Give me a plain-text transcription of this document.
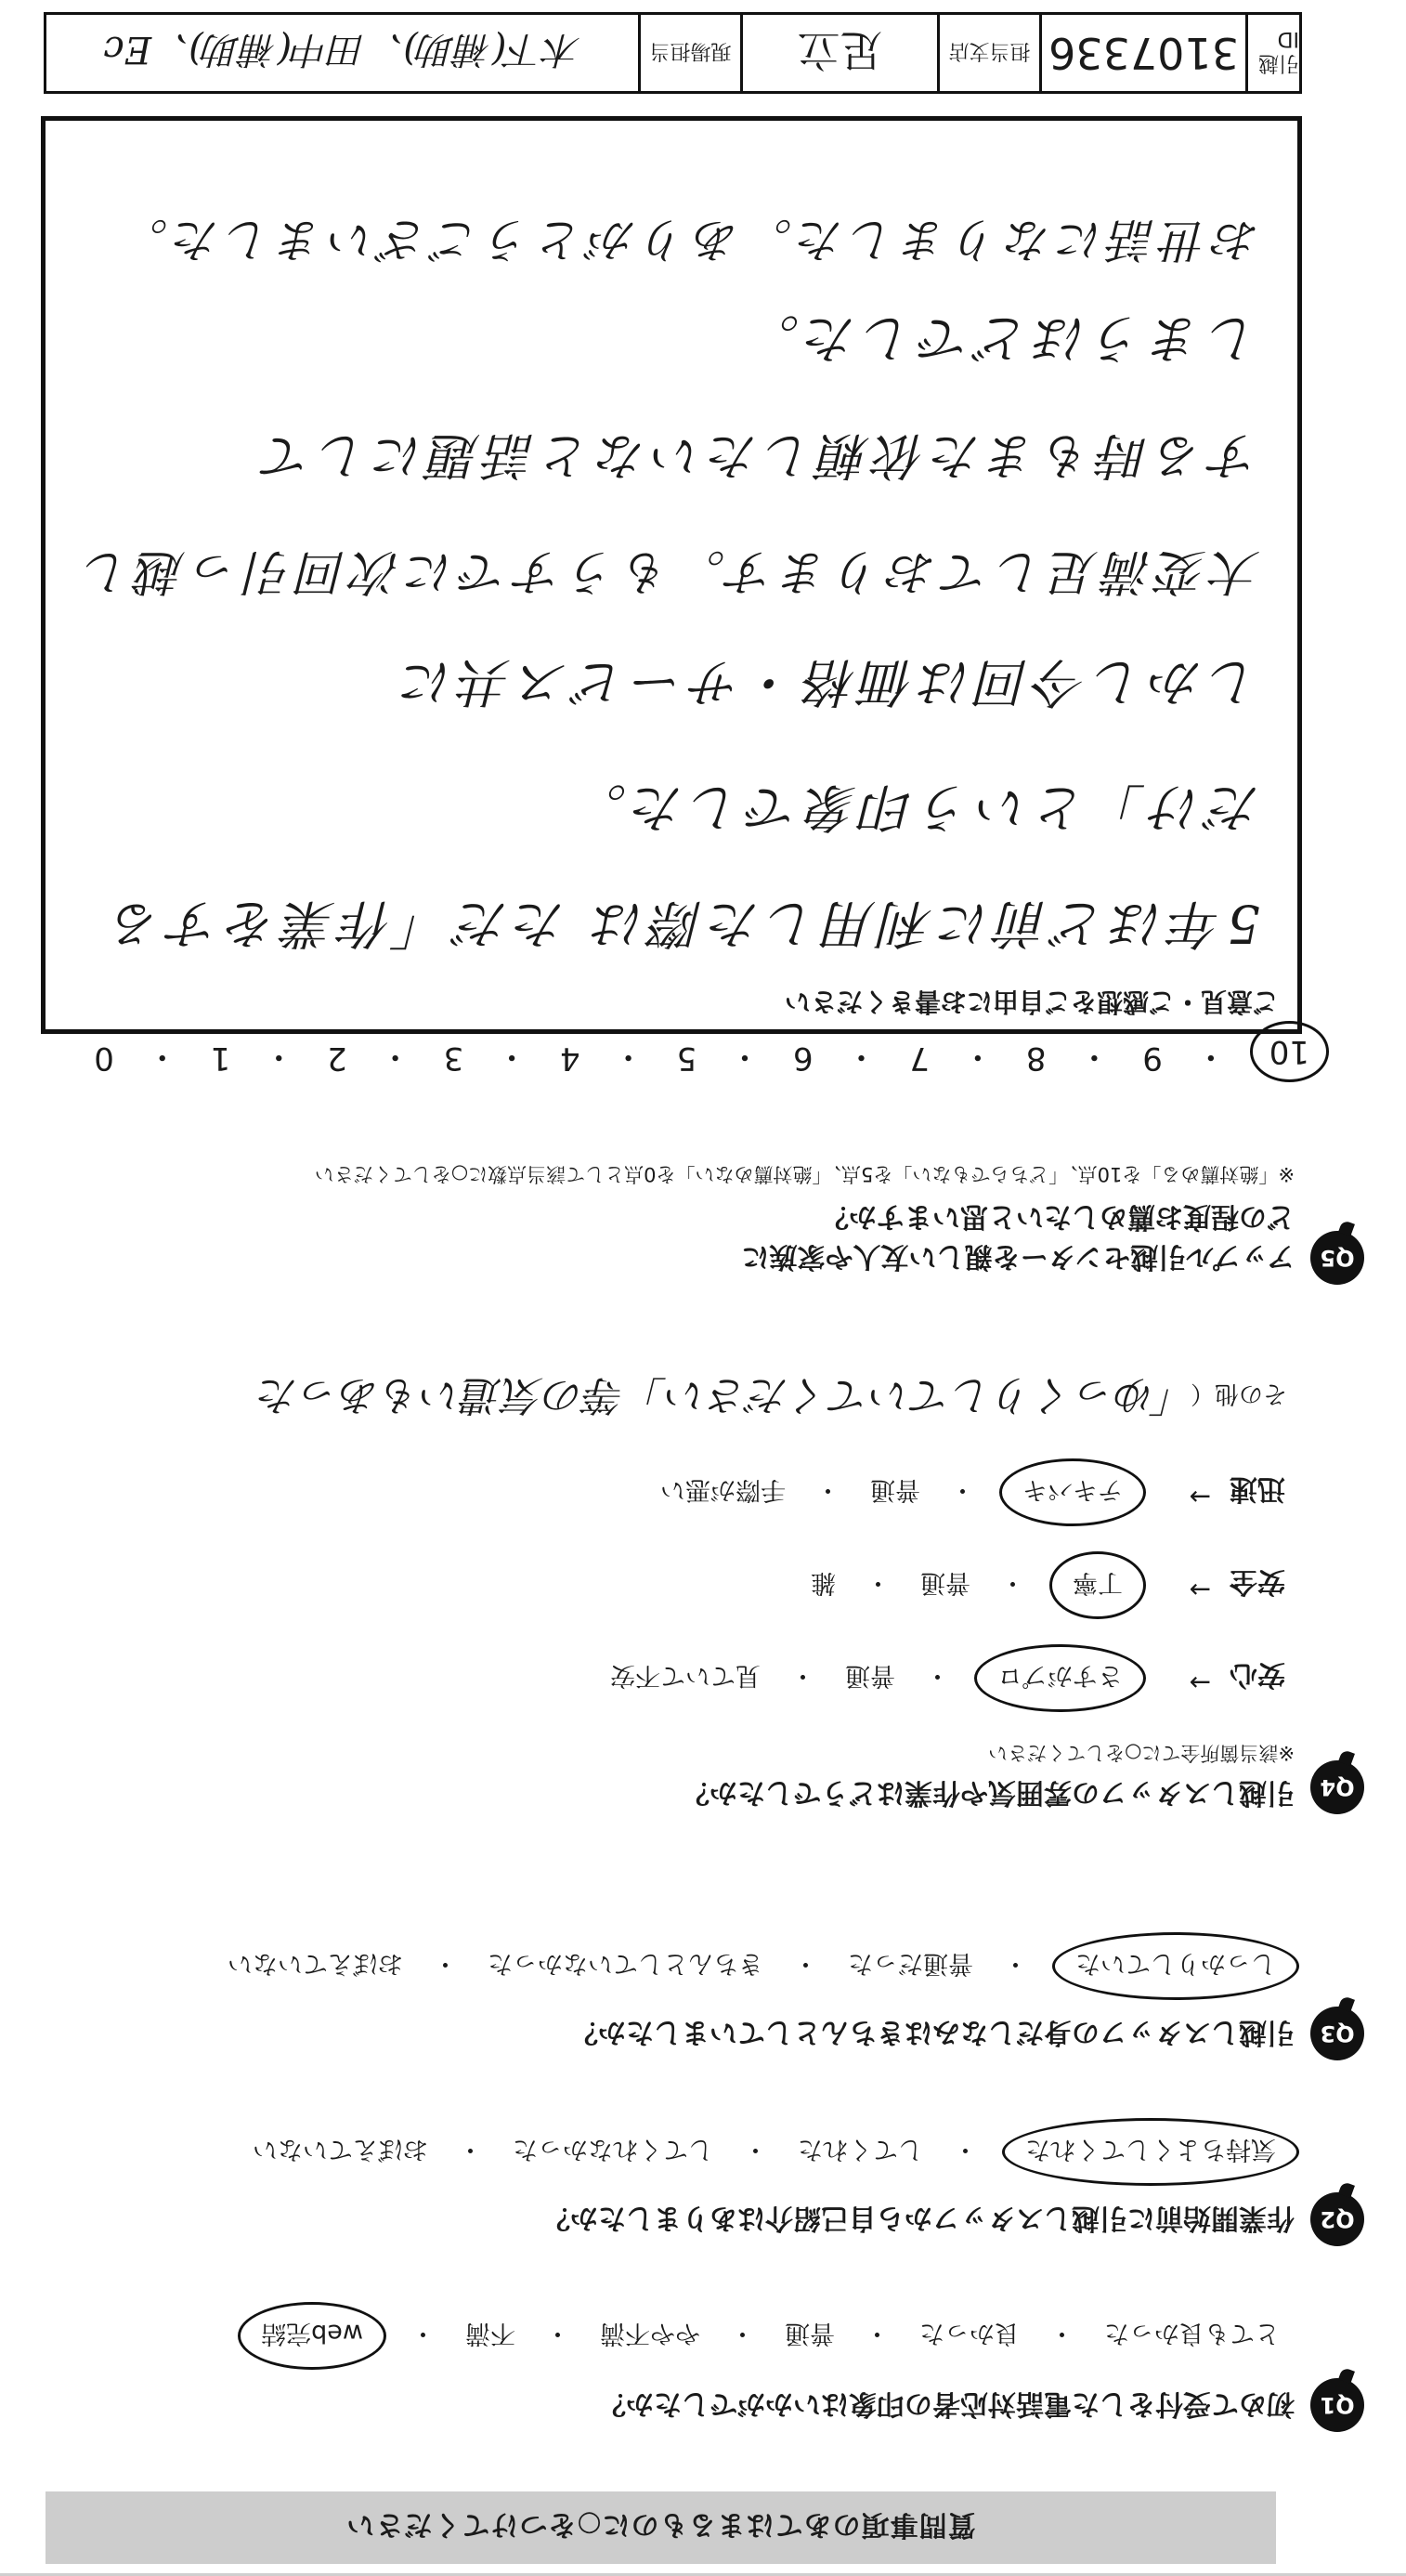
質問事項のあてはまるものに○をつけてください
Q1
初めて受付をした電話対応者の印象はいかがでしたか？
とても良かった
・
良かった
・
普通
・
やや不満
・
不満
・
web完結
Q2
作業開始前に引越しスタッフから自己紹介はありましたか？
気持ちよくしてくれた
・
してくれた
・
してくれなかった
・
おぼえていない
Q3
引越しスタッフの身だしなみはきちんとしていましたか？
しっかりしていた
・
普通だった
・
きちんとしていなかった
・
おぼえていない
Q4
引越しスタッフの雰囲気や作業はどうでしたか？
※該当箇所全てに○をしてください
安心
→
さすがプロ
・
普通
・
見ていて不安
安全
→
丁寧
・
普通
・
雑
迅速
→
テキパキ
・
普通
・
手際が悪い
その他（
「ゆっくりしていてください」等の気遣いもあった
Q5
アップル引越センターを親しい友人や家族に
どの程度お薦めしたいと思いますか？
※「絶対薦める」を10点、「どちらでもない」を5点、「絶対薦めない」を0点として該当点数に○をしてください
10
・
9
・
8
・
7
・
6
・
5
・
4
・
3
・
2
・
1
・
0
ご意見・ご感想をご自由にお書きください
5年ほど前に利用した際は ただ「作業をする
だけ」という印象でした。
しかし今回は価格・サービス共に
大変満足しております。もうすでに次回引っ越し
する時もまた依頼したいなと話題にして
しまうほどでした。
お世話になりました。ありがとうございました。
引越ID
3107336
担当支店
足立
現場担当
木下(補助)、田中(補助)、Ec
